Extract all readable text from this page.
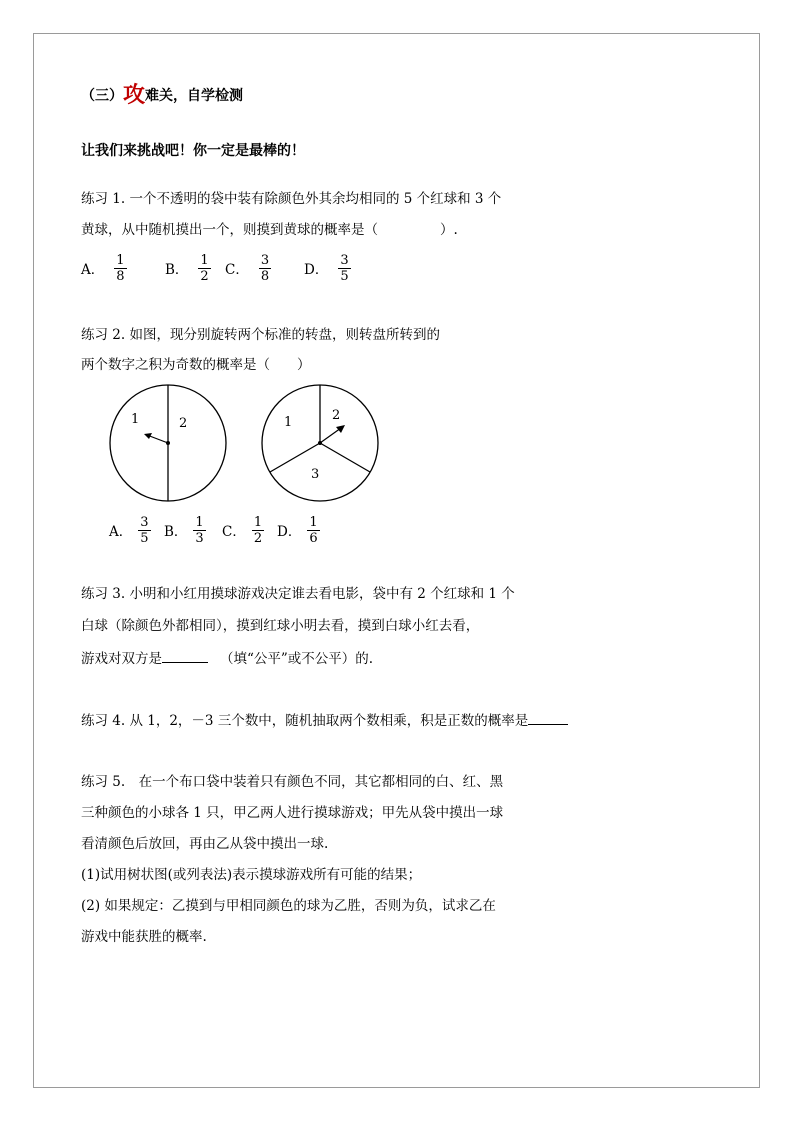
（三）攻难关，自学检测
让我们来挑战吧！你一定是最棒的！
练习 1. 一个不透明的袋中装有除颜色外其余均相同的 5 个红球和 3 个
黄球，从中随机摸出一个，则摸到黄球的概率是（	）.
A． $\frac{1}{8}$	B． $\frac{1}{2}$ C． $\frac{3}{8}$ D． $\frac{3}{5}$
练习 2. 如图，现分别旋转两个标准的转盘，则转盘所转到的
两个数字之积为奇数的概率是（　　）
1	2	1	2
3
A． $\frac{3}{5}$ B． $\frac{1}{3}$ C． $\frac{1}{2}$ D． $\frac{1}{6}$
练习 3. 小明和小红用摸球游戏决定谁去看电影，袋中有 2 个红球和 1 个
白球（除颜色外都相同），摸到红球小明去看，摸到白球小红去看，
游戏对双方是	（填“公平”或不公平）的.
练习 4. 从 1，2，－3 三个数中，随机抽取两个数相乘，积是正数的概率是
练习 5.　在一个布口袋中装着只有颜色不同，其它都相同的白、红、黑
三种颜色的小球各 1 只，甲乙两人进行摸球游戏；甲先从袋中摸出一球
看清颜色后放回，再由乙从袋中摸出一球.
(1)试用树状图(或列表法)表示摸球游戏所有可能的结果；
(2) 如果规定：乙摸到与甲相同颜色的球为乙胜，否则为负，试求乙在
游戏中能获胜的概率.
